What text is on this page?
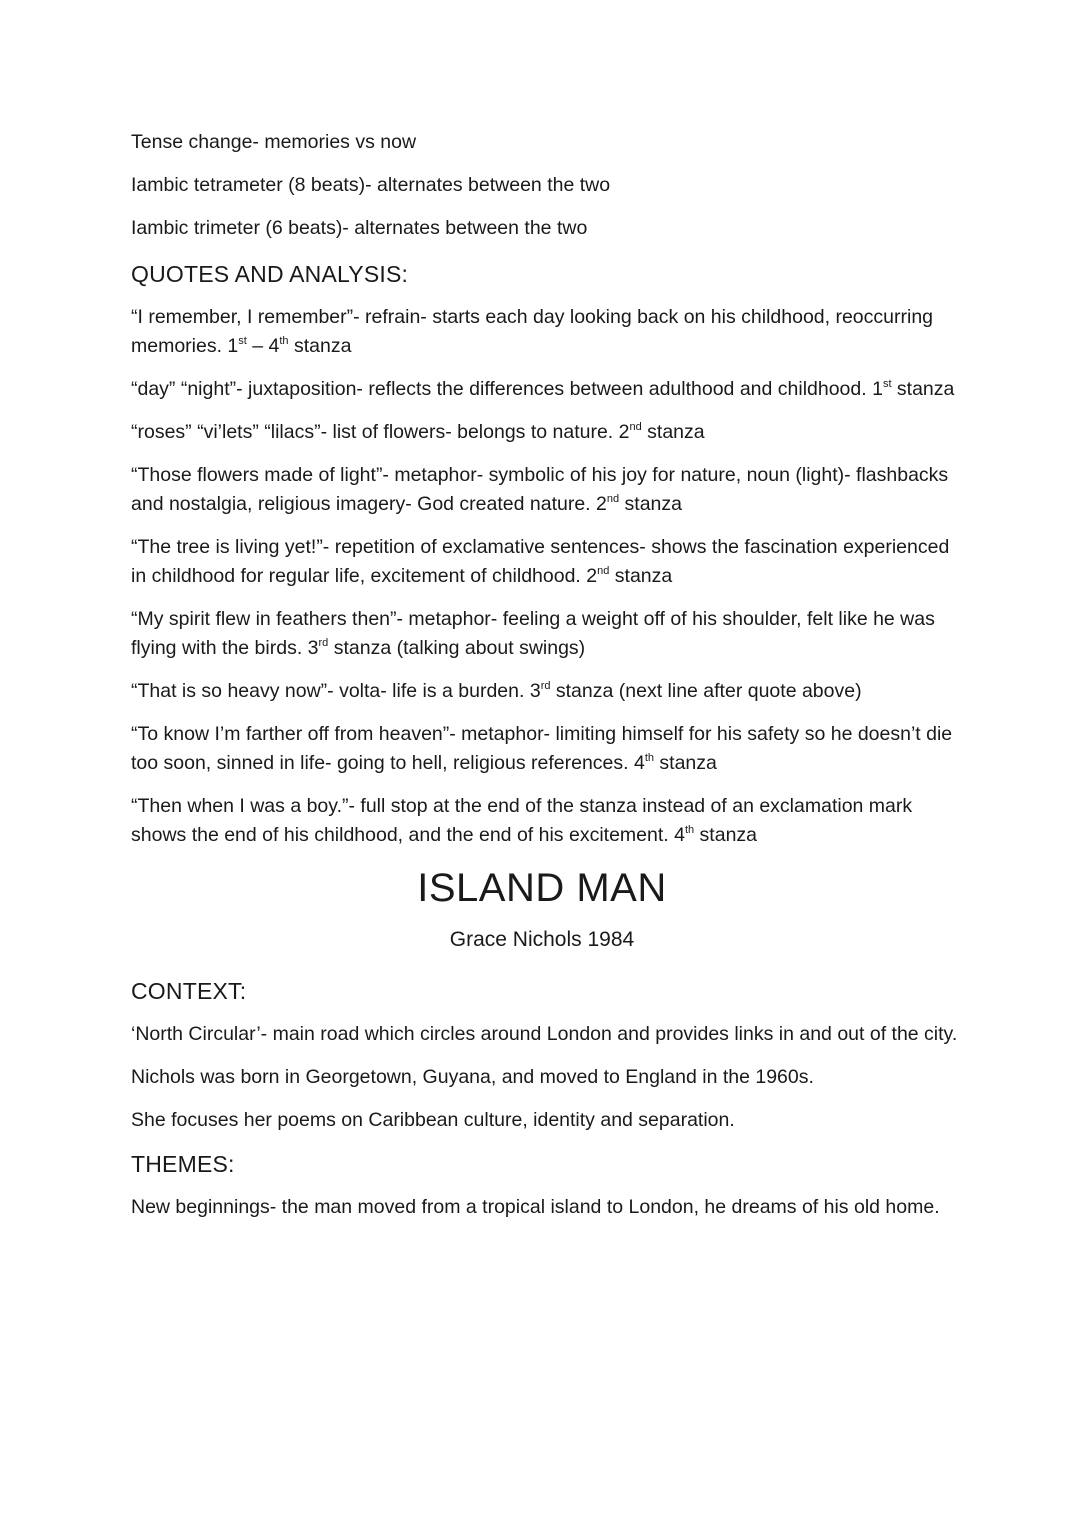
Tense change- memories vs now

Iambic tetrameter (8 beats)- alternates between the two

Iambic trimeter (6 beats)- alternates between the two

QUOTES AND ANALYSIS:

“I remember, I remember”- refrain- starts each day looking back on his childhood, reoccurring memories. 1st – 4th stanza

“day” “night”- juxtaposition- reflects the differences between adulthood and childhood. 1st stanza

“roses” “vi’lets” “lilacs”- list of flowers- belongs to nature. 2nd stanza

“Those flowers made of light”- metaphor- symbolic of his joy for nature, noun (light)- flashbacks and nostalgia, religious imagery- God created nature. 2nd stanza

“The tree is living yet!”- repetition of exclamative sentences- shows the fascination experienced in childhood for regular life, excitement of childhood. 2nd stanza

“My spirit flew in feathers then”- metaphor- feeling a weight off of his shoulder, felt like he was flying with the birds. 3rd stanza (talking about swings)

“That is so heavy now”- volta- life is a burden. 3rd stanza (next line after quote above)

“To know I’m farther off from heaven”- metaphor- limiting himself for his safety so he doesn’t die too soon, sinned in life- going to hell, religious references. 4th stanza

“Then when I was a boy.”- full stop at the end of the stanza instead of an exclamation mark shows the end of his childhood, and the end of his excitement. 4th stanza

ISLAND MAN

Grace Nichols 1984

CONTEXT:

‘North Circular’- main road which circles around London and provides links in and out of the city.

Nichols was born in Georgetown, Guyana, and moved to England in the 1960s.

She focuses her poems on Caribbean culture, identity and separation.

THEMES:

New beginnings- the man moved from a tropical island to London, he dreams of his old home.
